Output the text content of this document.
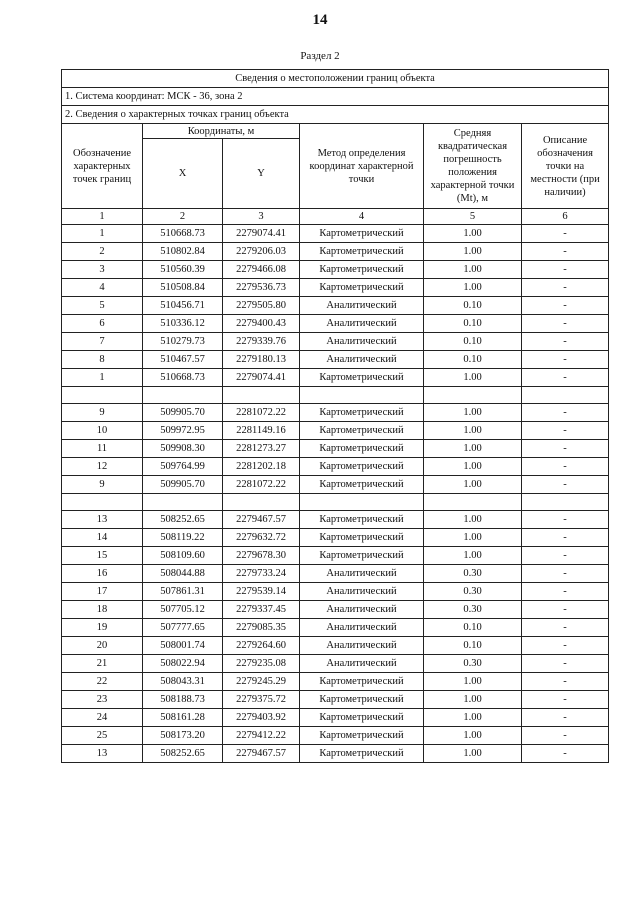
14
Раздел 2
Сведения о местоположении границ объекта					
1. Система координат: МСК - 36, зона 2					
2. Сведения о характерных точках границ объекта					
Обозначение характерных точек границ	Координаты, м		Метод определения координат характерной точки	Средняя квадратическая погрешность положения характерной точки (Mt), м	Описание обозначения точки на местности (при наличии)
	X	Y			
1	2	3	4	5	6
1	510668.73	2279074.41	Картометрический	1.00	-
2	510802.84	2279206.03	Картометрический	1.00	-
3	510560.39	2279466.08	Картометрический	1.00	-
4	510508.84	2279536.73	Картометрический	1.00	-
5	510456.71	2279505.80	Аналитический	0.10	-
6	510336.12	2279400.43	Аналитический	0.10	-
7	510279.73	2279339.76	Аналитический	0.10	-
8	510467.57	2279180.13	Аналитический	0.10	-
1	510668.73	2279074.41	Картометрический	1.00	-

9	509905.70	2281072.22	Картометрический	1.00	-
10	509972.95	2281149.16	Картометрический	1.00	-
11	509908.30	2281273.27	Картометрический	1.00	-
12	509764.99	2281202.18	Картометрический	1.00	-
9	509905.70	2281072.22	Картометрический	1.00	-

13	508252.65	2279467.57	Картометрический	1.00	-
14	508119.22	2279632.72	Картометрический	1.00	-
15	508109.60	2279678.30	Картометрический	1.00	-
16	508044.88	2279733.24	Аналитический	0.30	-
17	507861.31	2279539.14	Аналитический	0.30	-
18	507705.12	2279337.45	Аналитический	0.30	-
19	507777.65	2279085.35	Аналитический	0.10	-
20	508001.74	2279264.60	Аналитический	0.10	-
21	508022.94	2279235.08	Аналитический	0.30	-
22	508043.31	2279245.29	Картометрический	1.00	-
23	508188.73	2279375.72	Картометрический	1.00	-
24	508161.28	2279403.92	Картометрический	1.00	-
25	508173.20	2279412.22	Картометрический	1.00	-
13	508252.65	2279467.57	Картометрический	1.00	-
